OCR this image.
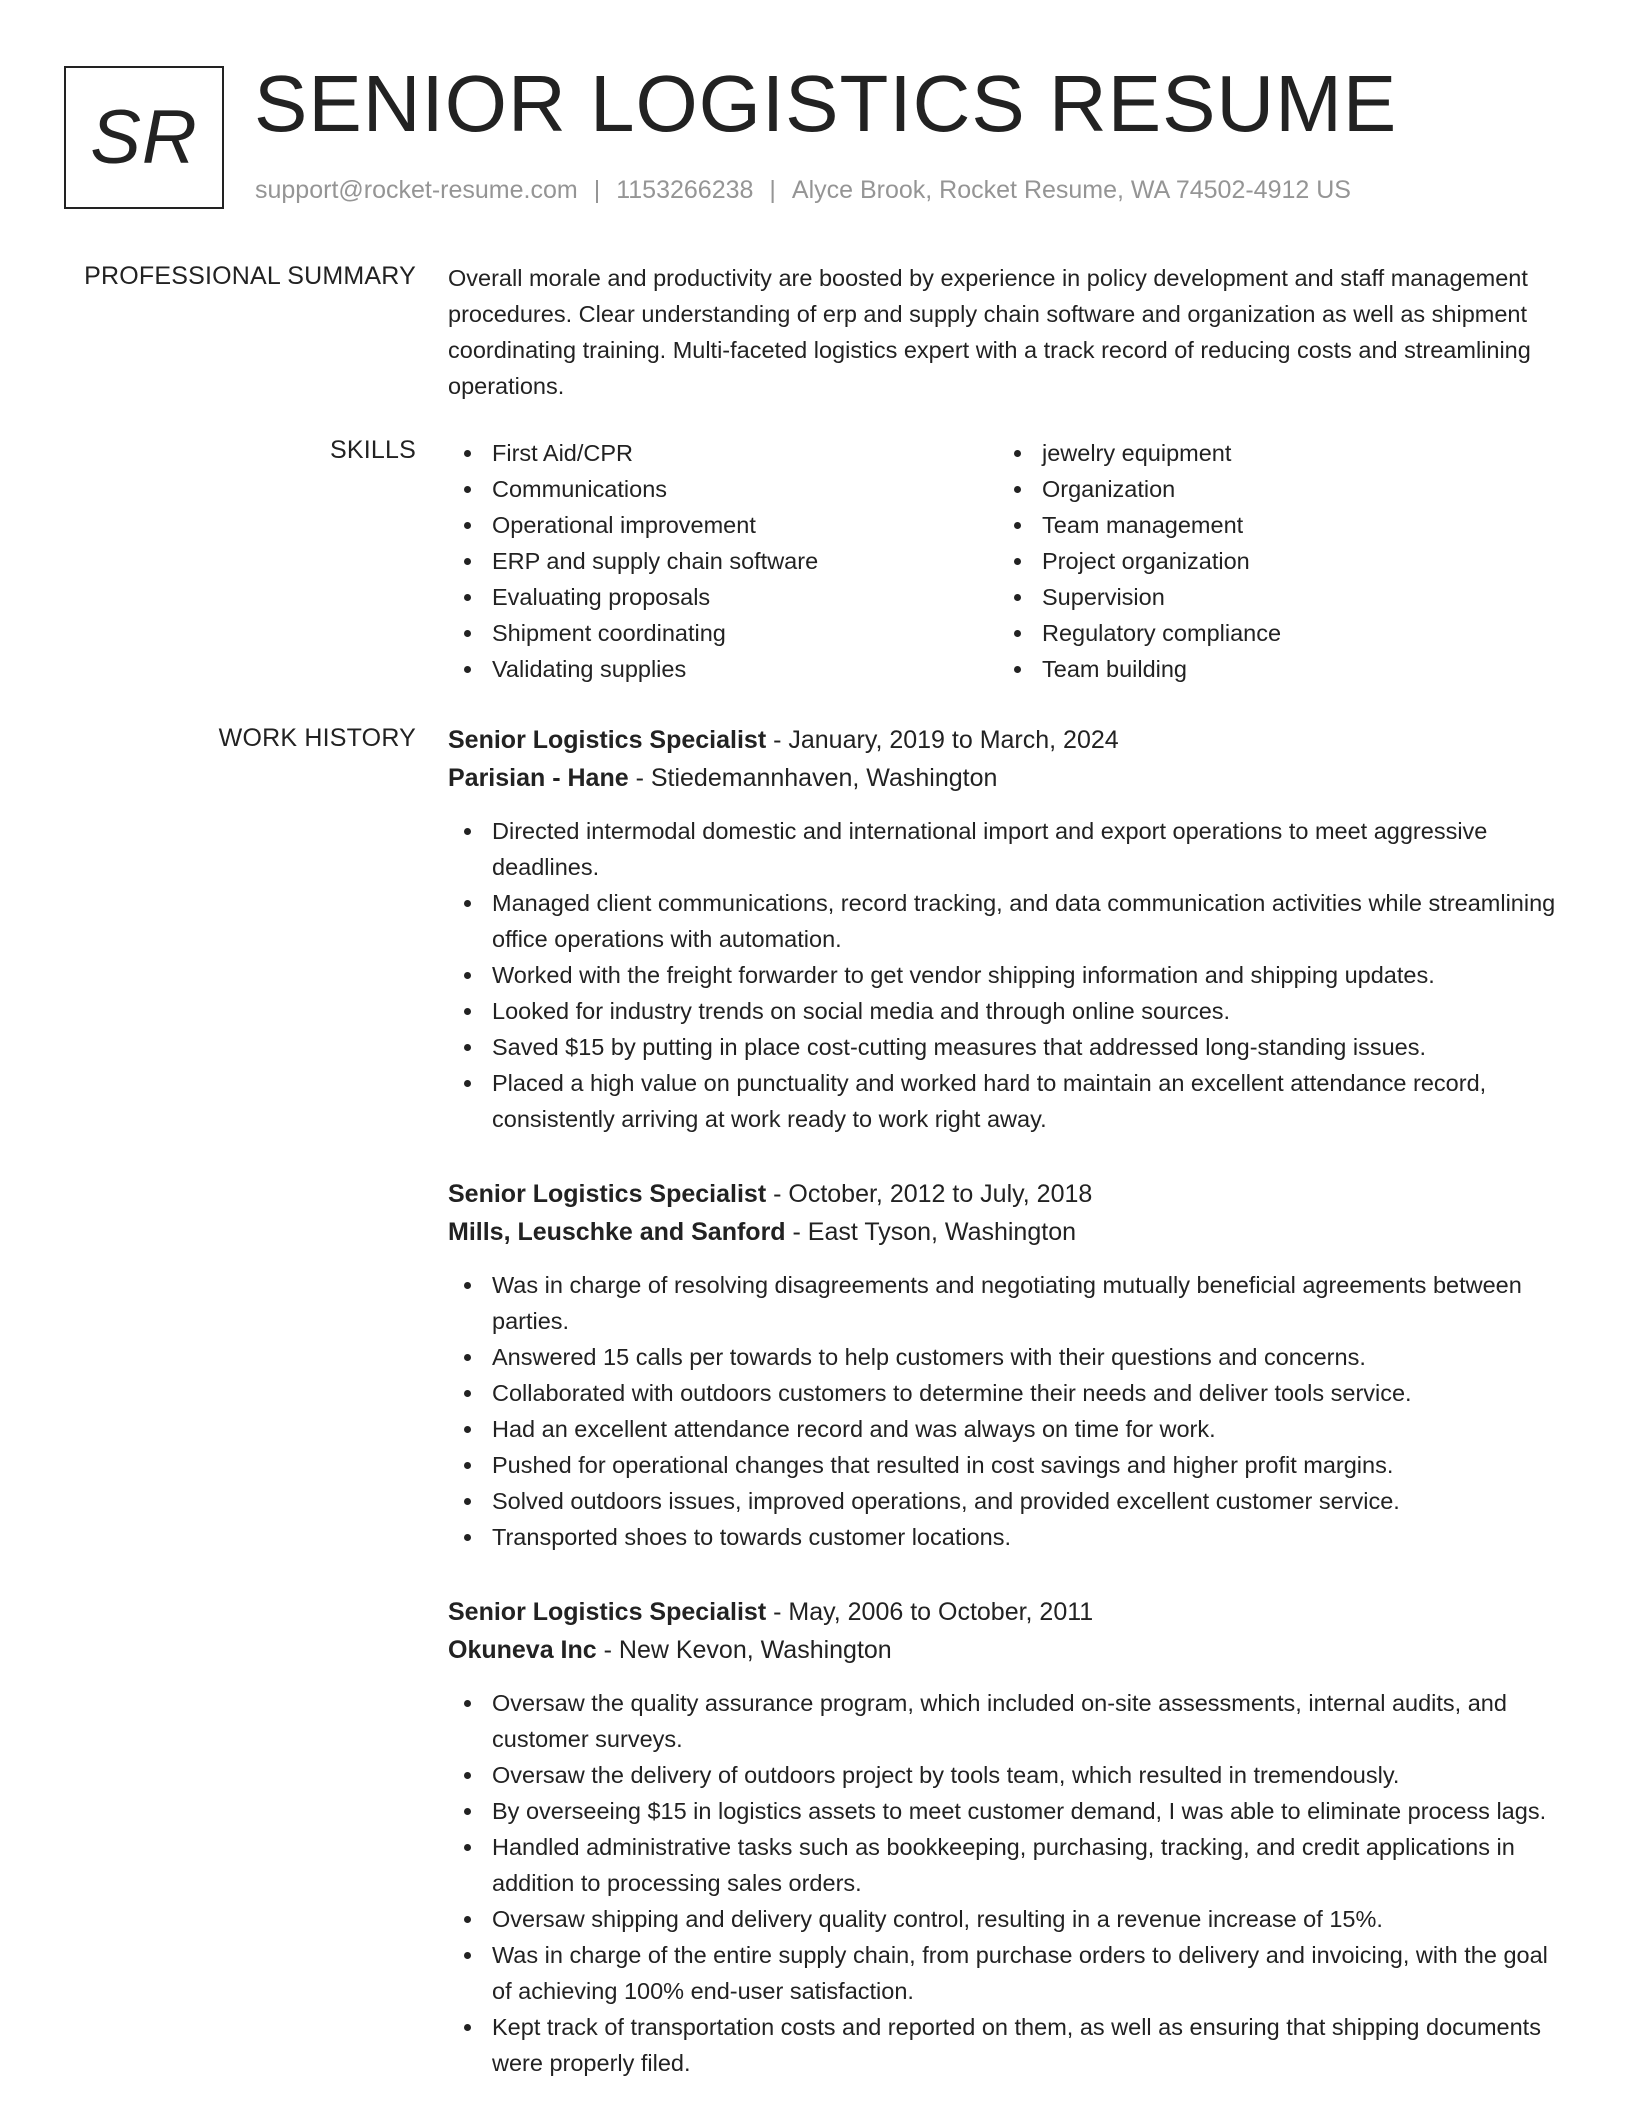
SR SENIOR LOGISTICS RESUME
support@rocket-resume.com | 1153266238 | Alyce Brook, Rocket Resume, WA 74502-4912 US
PROFESSIONAL SUMMARY Overall morale and productivity are boosted by experience in policy development and staff management procedures. Clear understanding of erp and supply chain software and organization as well as shipment coordinating training. Multi-faceted logistics expert with a track record of reducing costs and streamlining operations.

SKILLS	First Aid/CPR
Communications
Operational improvement
ERP and supply chain software
Evaluating proposals
Shipment coordinating
Validating supplies
jewelry equipment
Organization
Team management
Project organization
Supervision
Regulatory compliance
Team building
WORK HISTORY Senior Logistics Specialist - January, 2019 to March, 2024
Parisian - Hane - Stiedemannhaven, Washington
Directed intermodal domestic and international import and export operations to meet aggressive deadlines.
Managed client communications, record tracking, and data communication activities while streamlining office operations with automation.
Worked with the freight forwarder to get vendor shipping information and shipping updates.
Looked for industry trends on social media and through online sources.
Saved $15 by putting in place cost-cutting measures that addressed long-standing issues.
Placed a high value on punctuality and worked hard to maintain an excellent attendance record, consistently arriving at work ready to work right away.
Senior Logistics Specialist - October, 2012 to July, 2018
Mills, Leuschke and Sanford - East Tyson, Washington
Was in charge of resolving disagreements and negotiating mutually beneficial agreements between parties.
Answered 15 calls per towards to help customers with their questions and concerns.
Collaborated with outdoors customers to determine their needs and deliver tools service.
Had an excellent attendance record and was always on time for work.
Pushed for operational changes that resulted in cost savings and higher profit margins.
Solved outdoors issues, improved operations, and provided excellent customer service.
Transported shoes to towards customer locations.
Senior Logistics Specialist - May, 2006 to October, 2011
Okuneva Inc - New Kevon, Washington
Oversaw the quality assurance program, which included on-site assessments, internal audits, and customer surveys.
Oversaw the delivery of outdoors project by tools team, which resulted in tremendously.
By overseeing $15 in logistics assets to meet customer demand, I was able to eliminate process lags.
Handled administrative tasks such as bookkeeping, purchasing, tracking, and credit applications in addition to processing sales orders.
Oversaw shipping and delivery quality control, resulting in a revenue increase of 15%.
Was in charge of the entire supply chain, from purchase orders to delivery and invoicing, with the goal of achieving 100% end-user satisfaction.
Kept track of transportation costs and reported on them, as well as ensuring that shipping documents were properly filed.
